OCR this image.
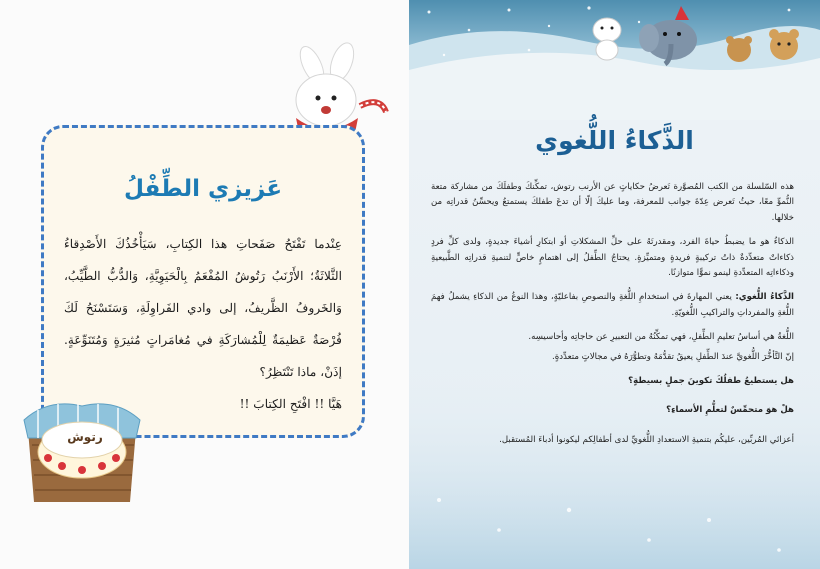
عَزيزي الطِّفْلُ

عِنْدما تَفْتَحُ صَفَحاتِ هذا الكِتابِ، سَيَأْخُذُكَ الأَصْدِقاءُ الثَّلاثَةُ؛ الأَرْنَبُ رَتُوشُ المُفْعَمُ بِالْحَيَوِيَّةِ، وَالدُّبُّ الطَّيِّبُ، وَالخَروفُ الظَّريفُ، إلى وادي الفَراوِلَةِ، وَسَتَسْنَحُ لَكَ فُرْصَةٌ عَظيمَةٌ لِلْمُشارَكَةِ في مُغامَراتٍ مُثيرَةٍ وَمُتَنَوِّعَةٍ. إذَنْ، ماذا تَنْتَظِرُ؟

هَيَّا !! افْتَحِ الكِتابَ !!

رتوش
الذَّكاءُ اللُّغوي

هذه السّلسلة من الكتب المُصوَّرة تَعرضُ حكاياتٍ عن الأرنب رتوش، تمكِّنكَ وطفلَكَ من مشاركة متعة النُّموِّ معًا، حيثُ تَعرض عِدّةَ جوانب للمعرفة، وما عليكَ إلّا أن تدعَ طفلكَ يستمتعُ ويحسِّنُ قدراتِه من خلالها.

الذكاءُ هو ما يضبطُ حياةَ الفرد، ومقدرتَهُ على حلِّ المشكلاتِ أو ابتكارِ أشياءَ جديدةٍ، ولدى كلِّ فردٍ ذكاءاتٌ متعدِّدةٌ ذاتُ تركيبةٍ فريدةٍ ومتميِّزةٍ. يحتاجُ الطِّفلُ إلى اهتمامٍ خاصٍّ لتنميةِ قدراتِه الطَّبيعيةِ وذكاءاتِه المتعدِّدةِ لينمو نموًّا متوازنًا.

الذَّكاءُ اللُّغوي: يعني المهارةَ في استخدامِ اللُّغةِ والنصوصِ بفاعليّةٍ، وهذا النوعُ من الذكاءِ يشملُ فهمَ اللُّغةِ والمفرداتِ والتراكيبِ اللُّغويّةِ.

اللُّغةُ هي أساسُ تعليمِ الطِّفلِ، فهي تمكِّنُهُ من التعبيرِ عن حاجاتِه وأحاسيسِه.

إنّ التَّأخُّرَ اللُّغويَّ عندَ الطِّفلِ يعيقُ تقدُّمَهُ وتطوُّرَهُ في مجالاتٍ متعدِّدةٍ.

هل يستطيعُ طفلُكَ تكوينَ جملٍ بسيطةٍ؟

هلْ هوَ متحمِّسٌ لتعلُّمِ الأسماءِ؟

أعزائي المُربِّين، عليكُم بتنميةِ الاستعدادِ اللُّغويِّ لدى أطفالِكم ليكونوا أدباءَ المُستقبل.
